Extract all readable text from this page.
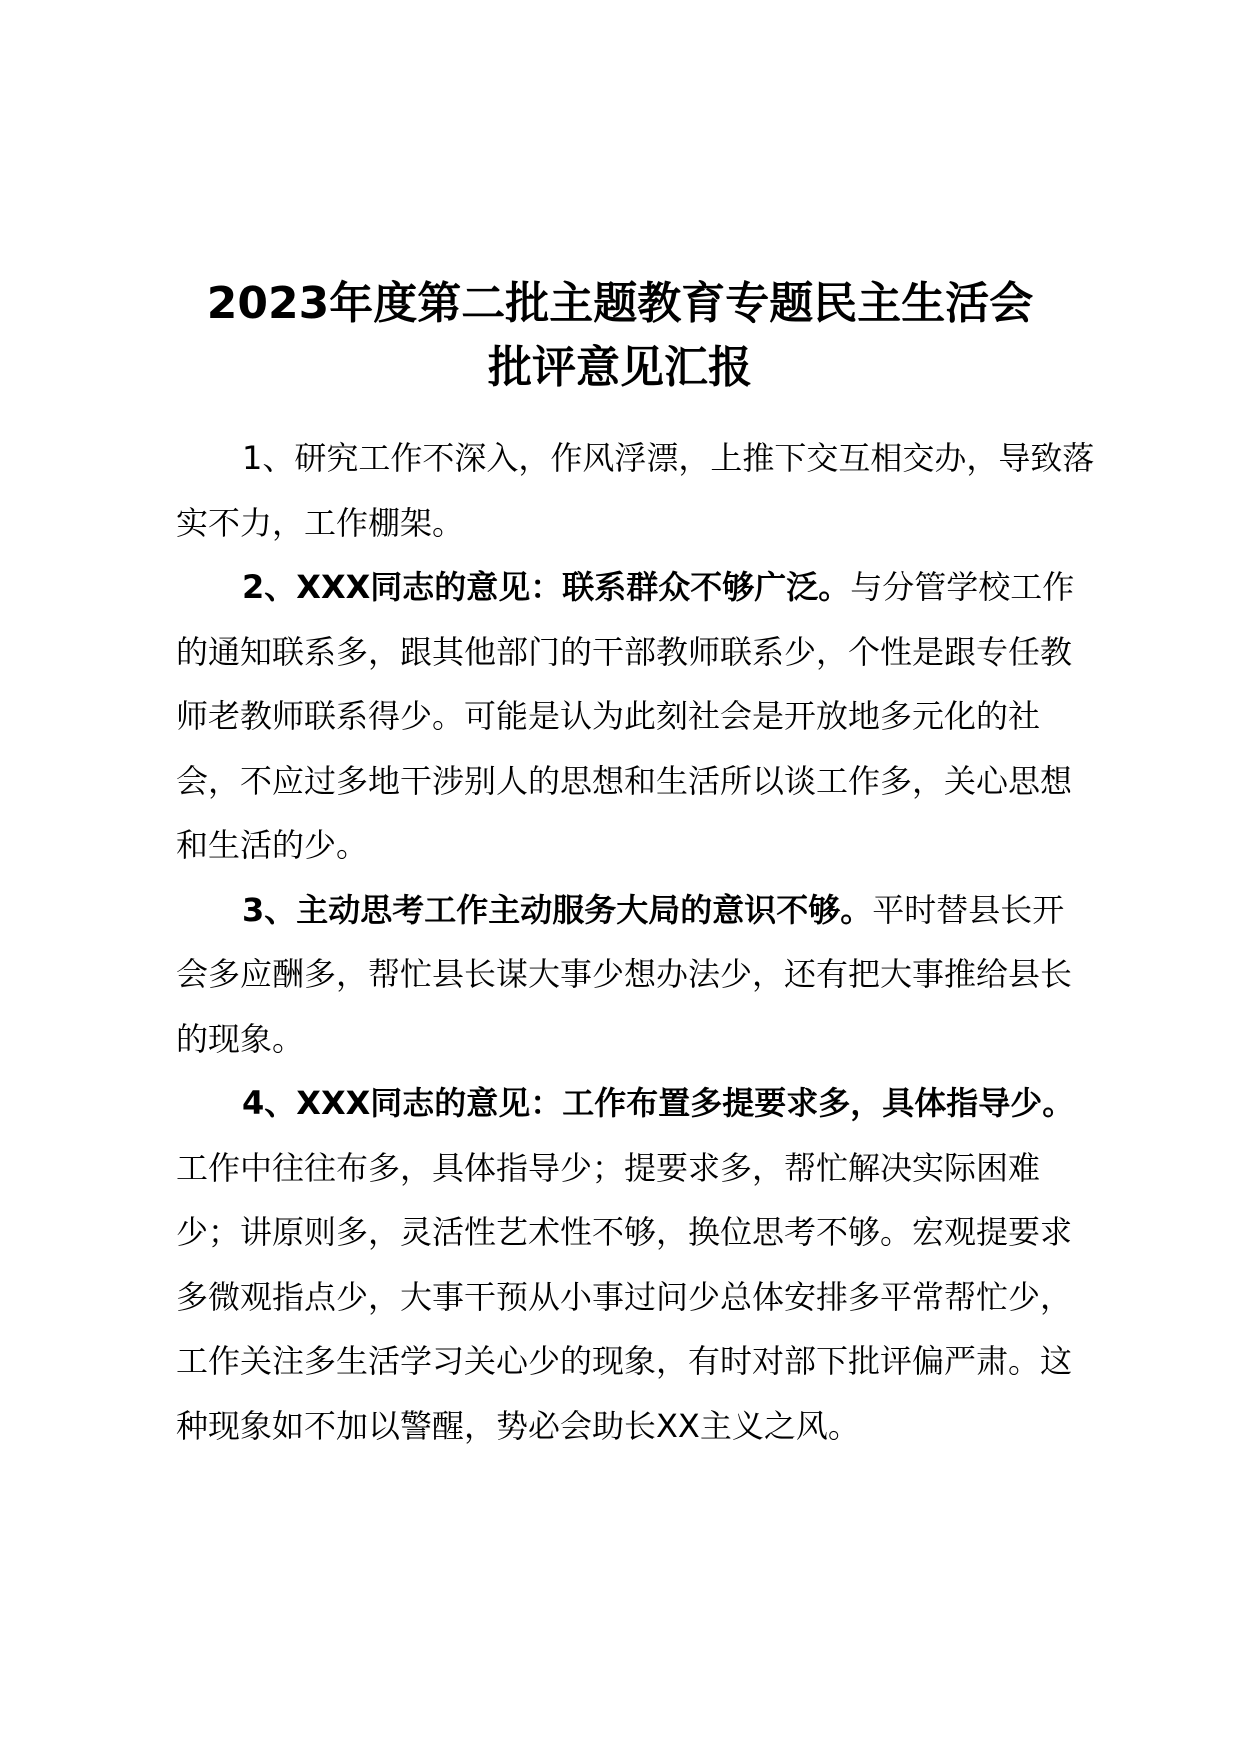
2023年度第二批主题教育专题民主生活会
批评意见汇报

1、研究工作不深入，作风浮漂，上推下交互相交办，导致落实不力，工作棚架。

2、XXX同志的意见：联系群众不够广泛。与分管学校工作的通知联系多，跟其他部门的干部教师联系少，个性是跟专任教师老教师联系得少。可能是认为此刻社会是开放地多元化的社会，不应过多地干涉别人的思想和生活所以谈工作多，关心思想和生活的少。

3、主动思考工作主动服务大局的意识不够。平时替县长开会多应酬多，帮忙县长谋大事少想办法少，还有把大事推给县长的现象。

4、XXX同志的意见：工作布置多提要求多，具体指导少。工作中往往布多，具体指导少；提要求多，帮忙解决实际困难少；讲原则多，灵活性艺术性不够，换位思考不够。宏观提要求多微观指点少，大事干预从小事过问少总体安排多平常帮忙少，工作关注多生活学习关心少的现象，有时对部下批评偏严肃。这种现象如不加以警醒，势必会助长XX主义之风。
